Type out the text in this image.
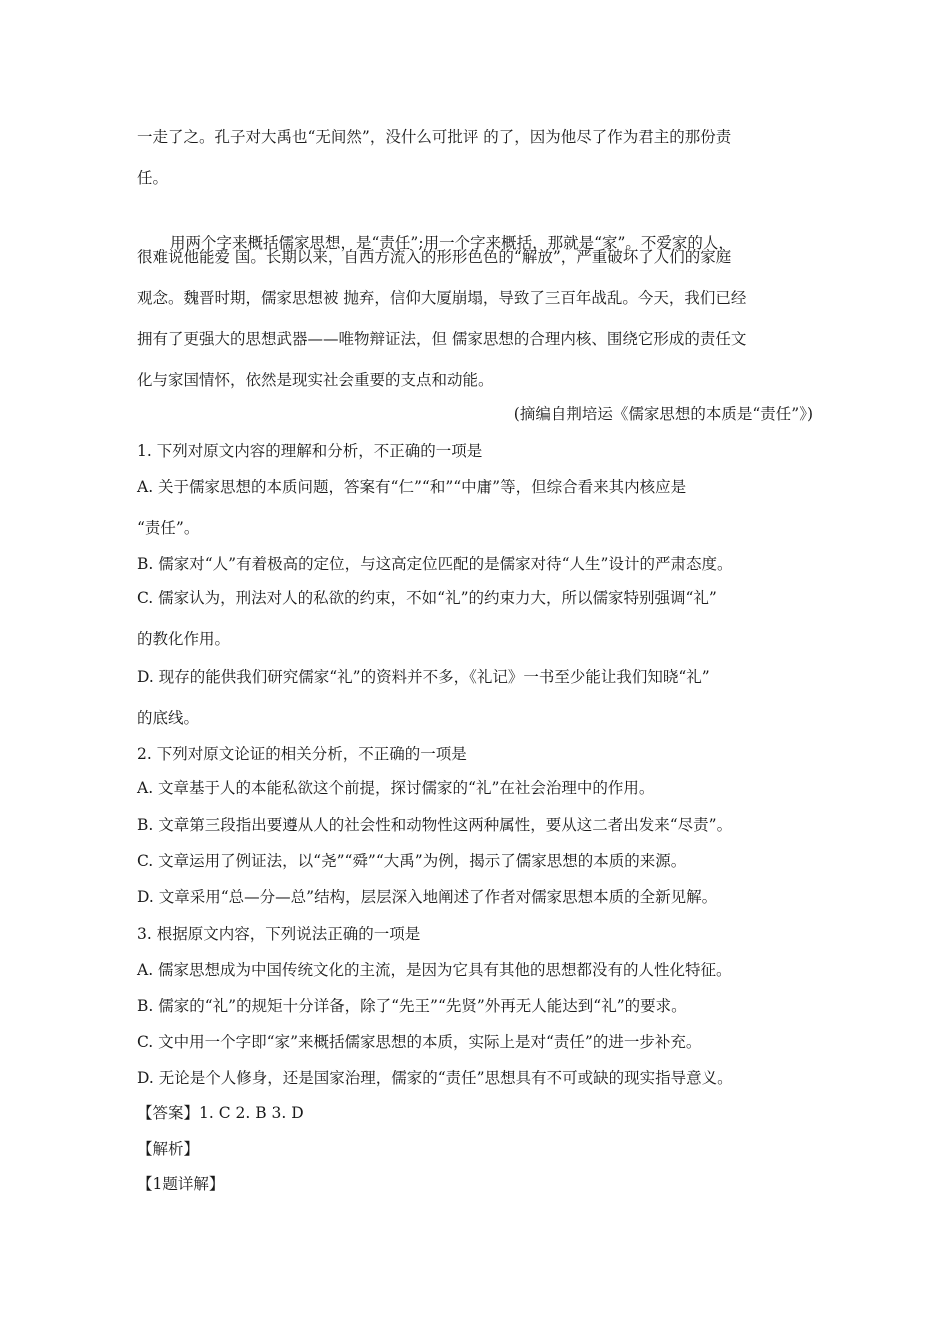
一走了之。孔子对大禹也“无间然”，没什么可批评 的了，因为他尽了作为君主的那份责
任。
用两个字来概括儒家思想，是“责任”;用一个字来概括，那就是“家”。不爱家的人，
很难说他能爱 国。长期以来，自西方流入的形形色色的“解放”，严重破坏了人们的家庭
观念。魏晋时期，儒家思想被 抛弃，信仰大厦崩塌，导致了三百年战乱。今天，我们已经
拥有了更强大的思想武器——唯物辩证法，但 儒家思想的合理内核、围绕它形成的责任文
化与家国情怀，依然是现实社会重要的支点和动能。
(摘编自荆培运《儒家思想的本质是“责任”》)
1. 下列对原文内容的理解和分析，不正确的一项是
A. 关于儒家思想的本质问题，答案有“仁”“和”“中庸”等，但综合看来其内核应是
“责任”。
B. 儒家对“人”有着极高的定位，与这高定位匹配的是儒家对待“人生”设计的严肃态度。
C. 儒家认为，刑法对人的私欲的约束，不如“礼”的约束力大，所以儒家特别强调“礼”
的教化作用。
D. 现存的能供我们研究儒家“礼”的资料并不多，《礼记》一书至少能让我们知晓“礼”
的底线。
2. 下列对原文论证的相关分析，不正确的一项是
A. 文章基于人的本能私欲这个前提，探讨儒家的“礼”在社会治理中的作用。
B. 文章第三段指出要遵从人的社会性和动物性这两种属性，要从这二者出发来“尽责”。
C. 文章运用了例证法，以“尧”“舜”“大禹”为例，揭示了儒家思想的本质的来源。
D. 文章采用“总—分—总”结构，层层深入地阐述了作者对儒家思想本质的全新见解。
3. 根据原文内容，下列说法正确的一项是
A. 儒家思想成为中国传统文化的主流，是因为它具有其他的思想都没有的人性化特征。
B. 儒家的“礼”的规矩十分详备，除了“先王”“先贤”外再无人能达到“礼”的要求。
C. 文中用一个字即“家”来概括儒家思想的本质，实际上是对“责任”的进一步补充。
D. 无论是个人修身，还是国家治理，儒家的“责任”思想具有不可或缺的现实指导意义。
【答案】1. C 2. B 3. D
【解析】
【1题详解】
